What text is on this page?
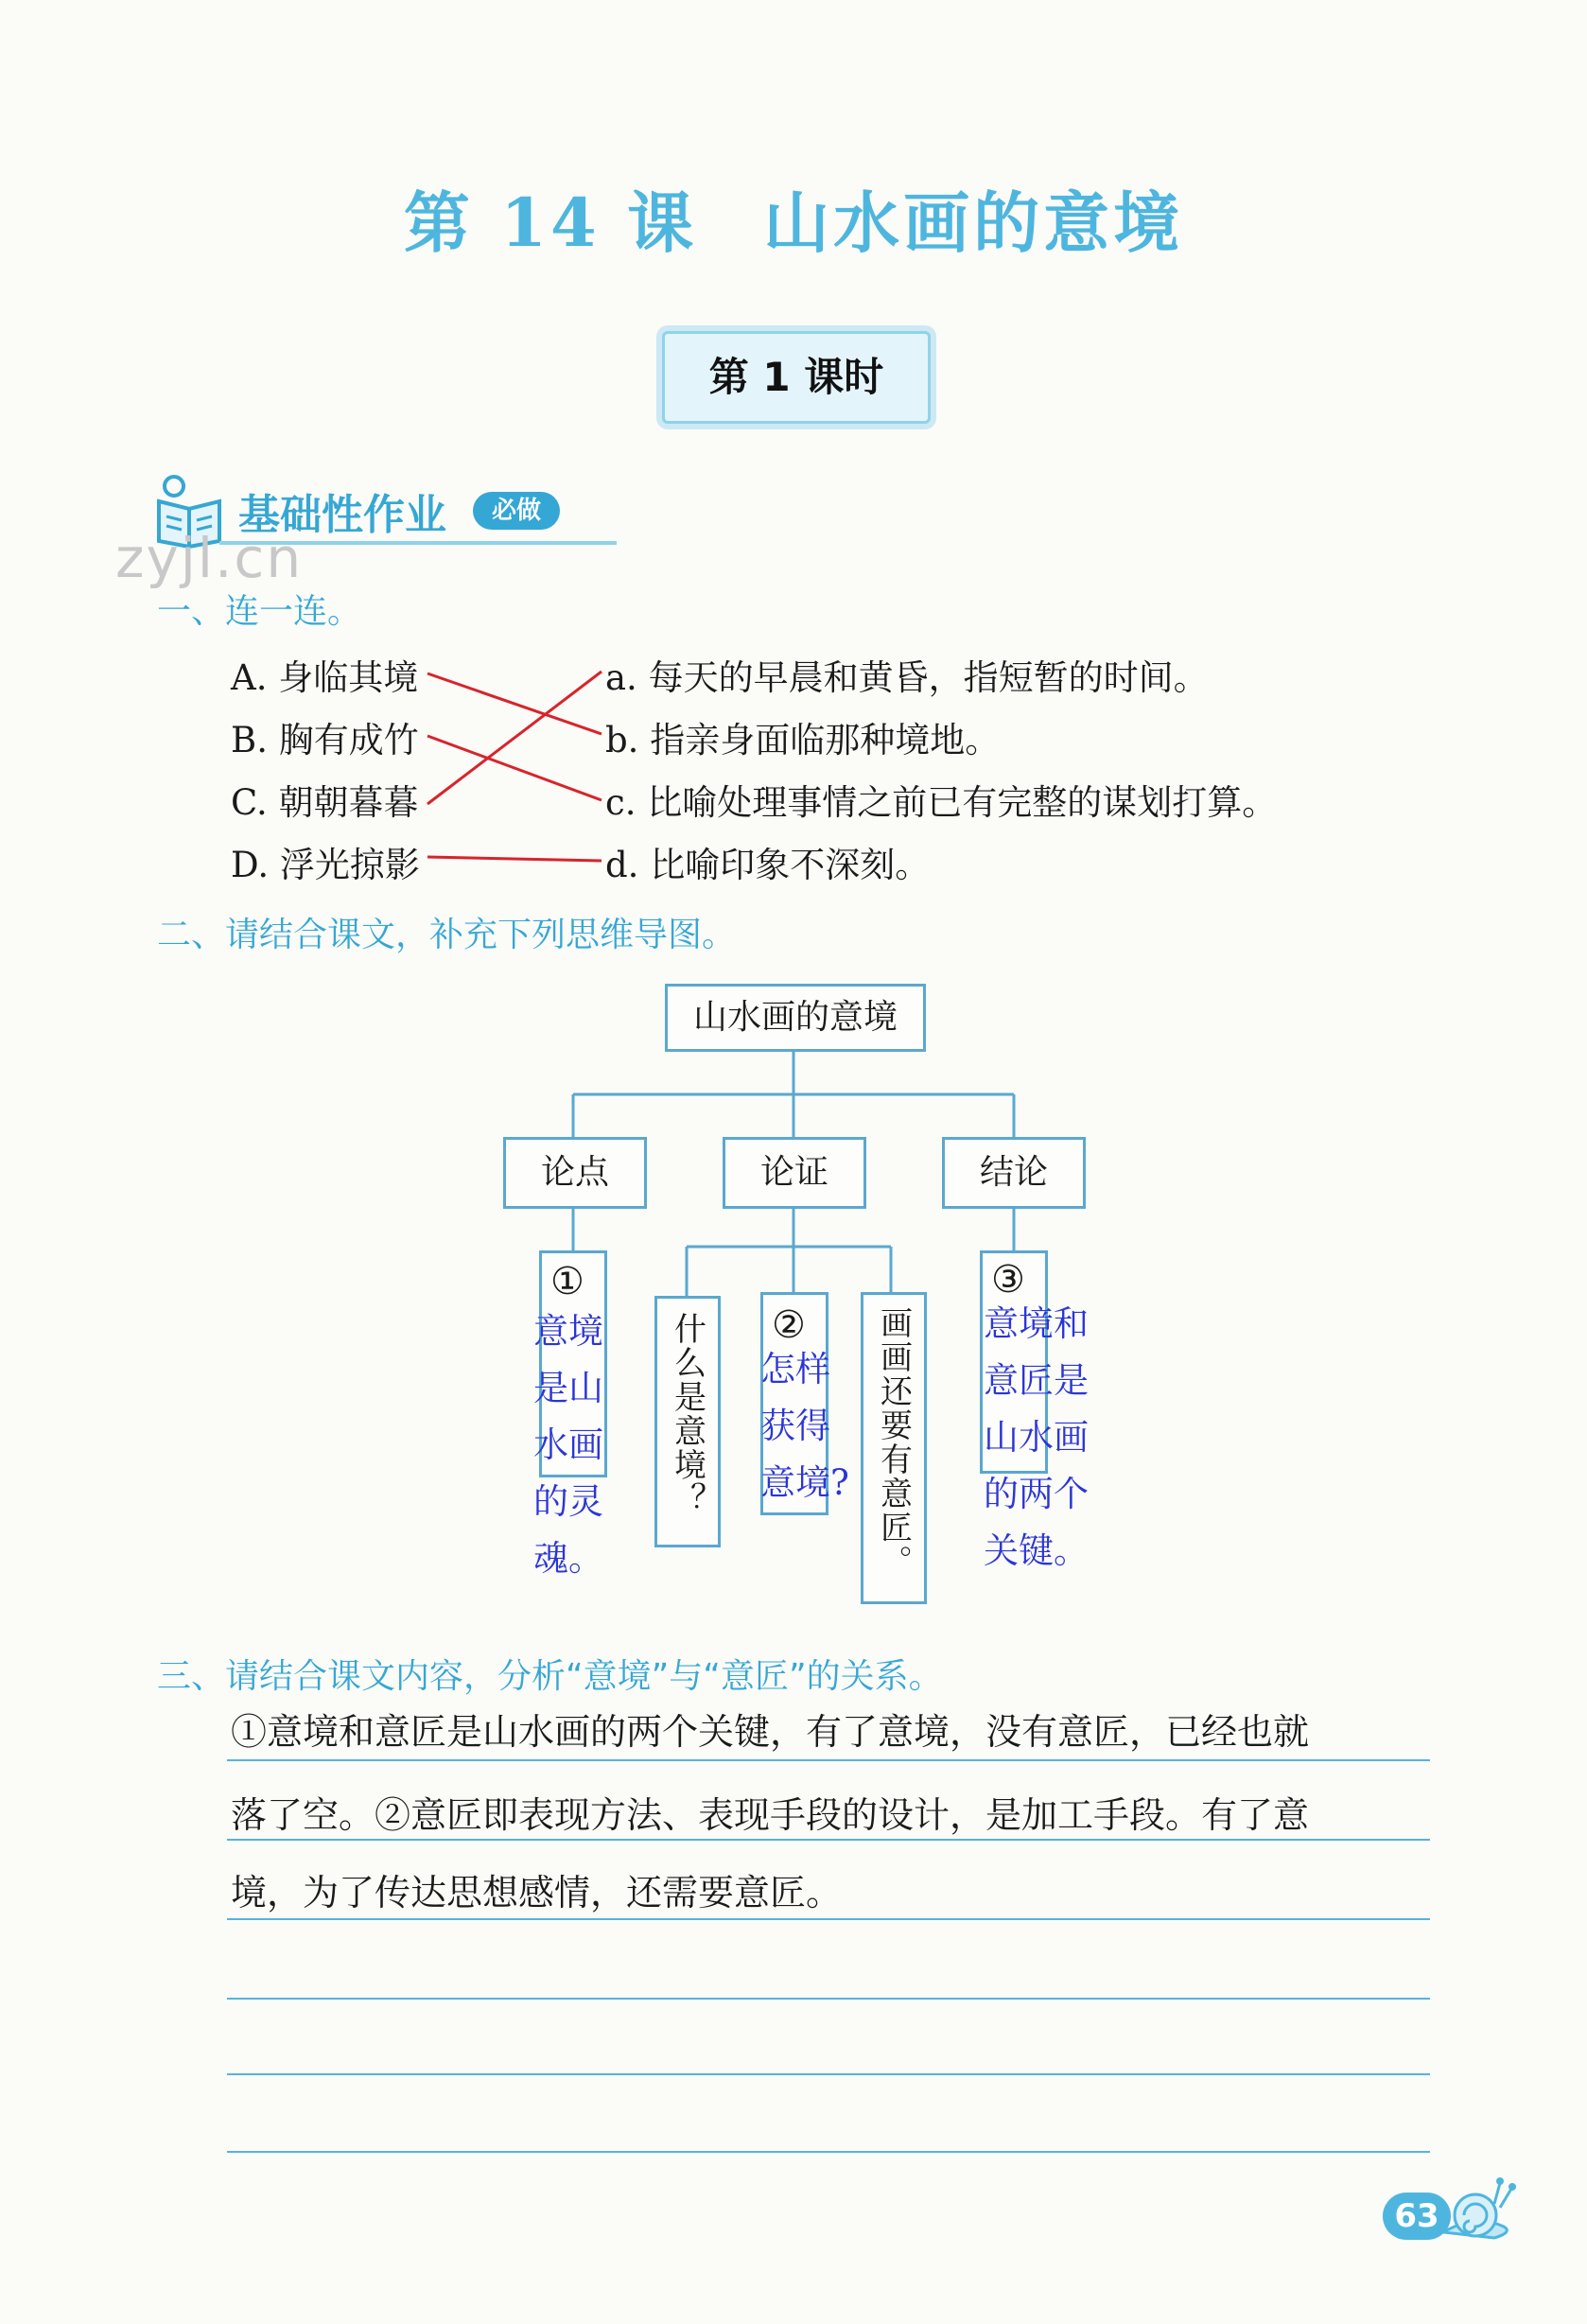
第 14 课 山水画的意境
第 1 课时
基础性作业	必做
zyjl.cn
一、连一连。
A. 身临其境
B. 胸有成竹
C. 朝朝暮暮
D. 浮光掠影
a. 每天的早晨和黄昏，指短暂的时间。
b. 指亲身面临那种境地。
c. 比喻处理事情之前已有完整的谋划打算。
d. 比喻印象不深刻。
二、请结合课文，补充下列思维导图。
山水画的意境
论点	论证	结论
①
意境
是山
水画
的灵
魂。
什么是意境？ ②
怎样
获得
意境? 画画还要有意匠。
③
意境和
意匠是
山水画
的两个
关键。
三、请结合课文内容，分析“意境”与“意匠”的关系。
①意境和意匠是山水画的两个关键，有了意境，没有意匠，已经也就
落了空。②意匠即表现方法、表现手段的设计，是加工手段。有了意
境，为了传达思想感情，还需要意匠。
63
